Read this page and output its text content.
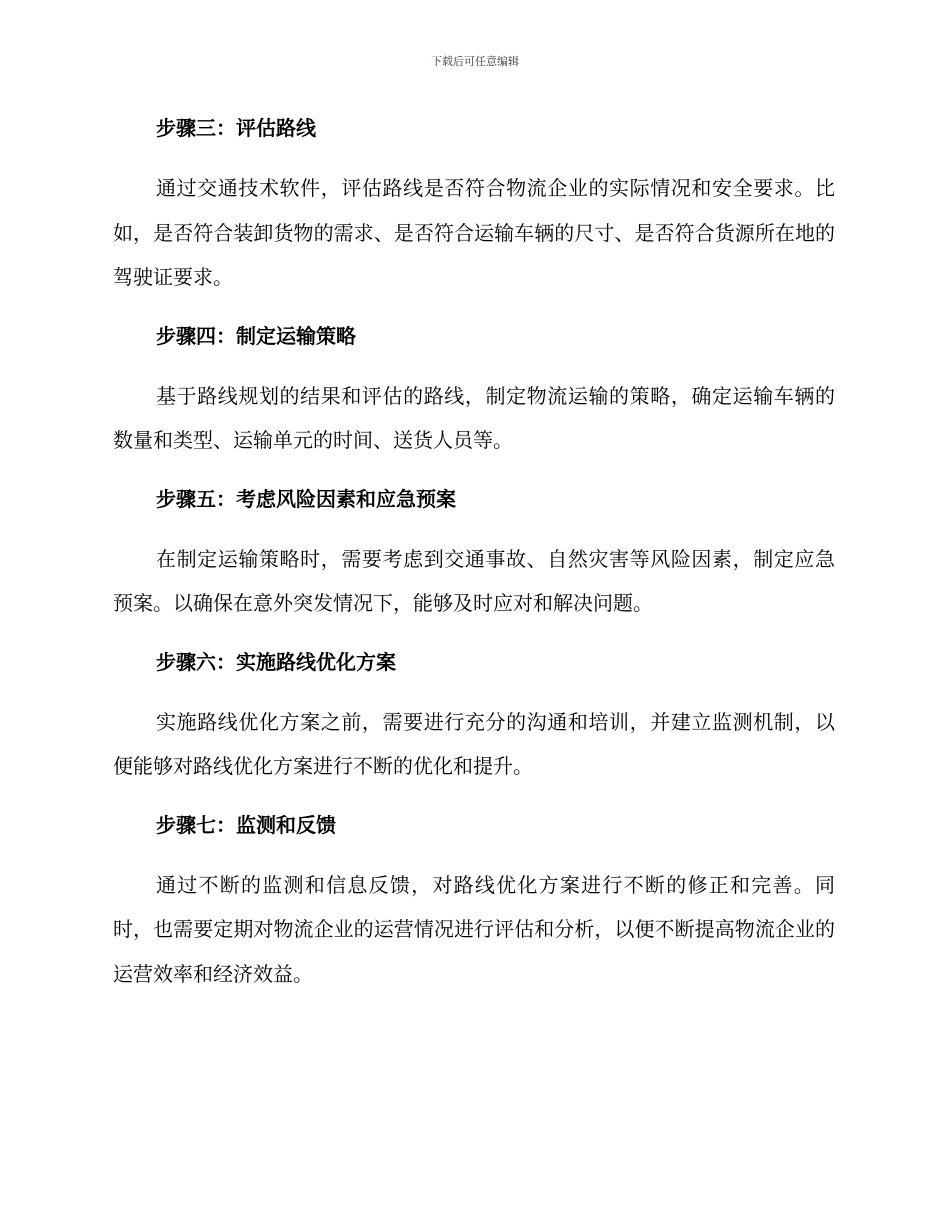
下载后可任意编辑

步骤三：评估路线

通过交通技术软件，评估路线是否符合物流企业的实际情况和安全要求。比如，是否符合装卸货物的需求、是否符合运输车辆的尺寸、是否符合货源所在地的驾驶证要求。

步骤四：制定运输策略

基于路线规划的结果和评估的路线，制定物流运输的策略，确定运输车辆的数量和类型、运输单元的时间、送货人员等。

步骤五：考虑风险因素和应急预案

在制定运输策略时，需要考虑到交通事故、自然灾害等风险因素，制定应急预案。以确保在意外突发情况下，能够及时应对和解决问题。

步骤六：实施路线优化方案

实施路线优化方案之前，需要进行充分的沟通和培训，并建立监测机制，以便能够对路线优化方案进行不断的优化和提升。

步骤七：监测和反馈

通过不断的监测和信息反馈，对路线优化方案进行不断的修正和完善。同时，也需要定期对物流企业的运营情况进行评估和分析，以便不断提高物流企业的运营效率和经济效益。
